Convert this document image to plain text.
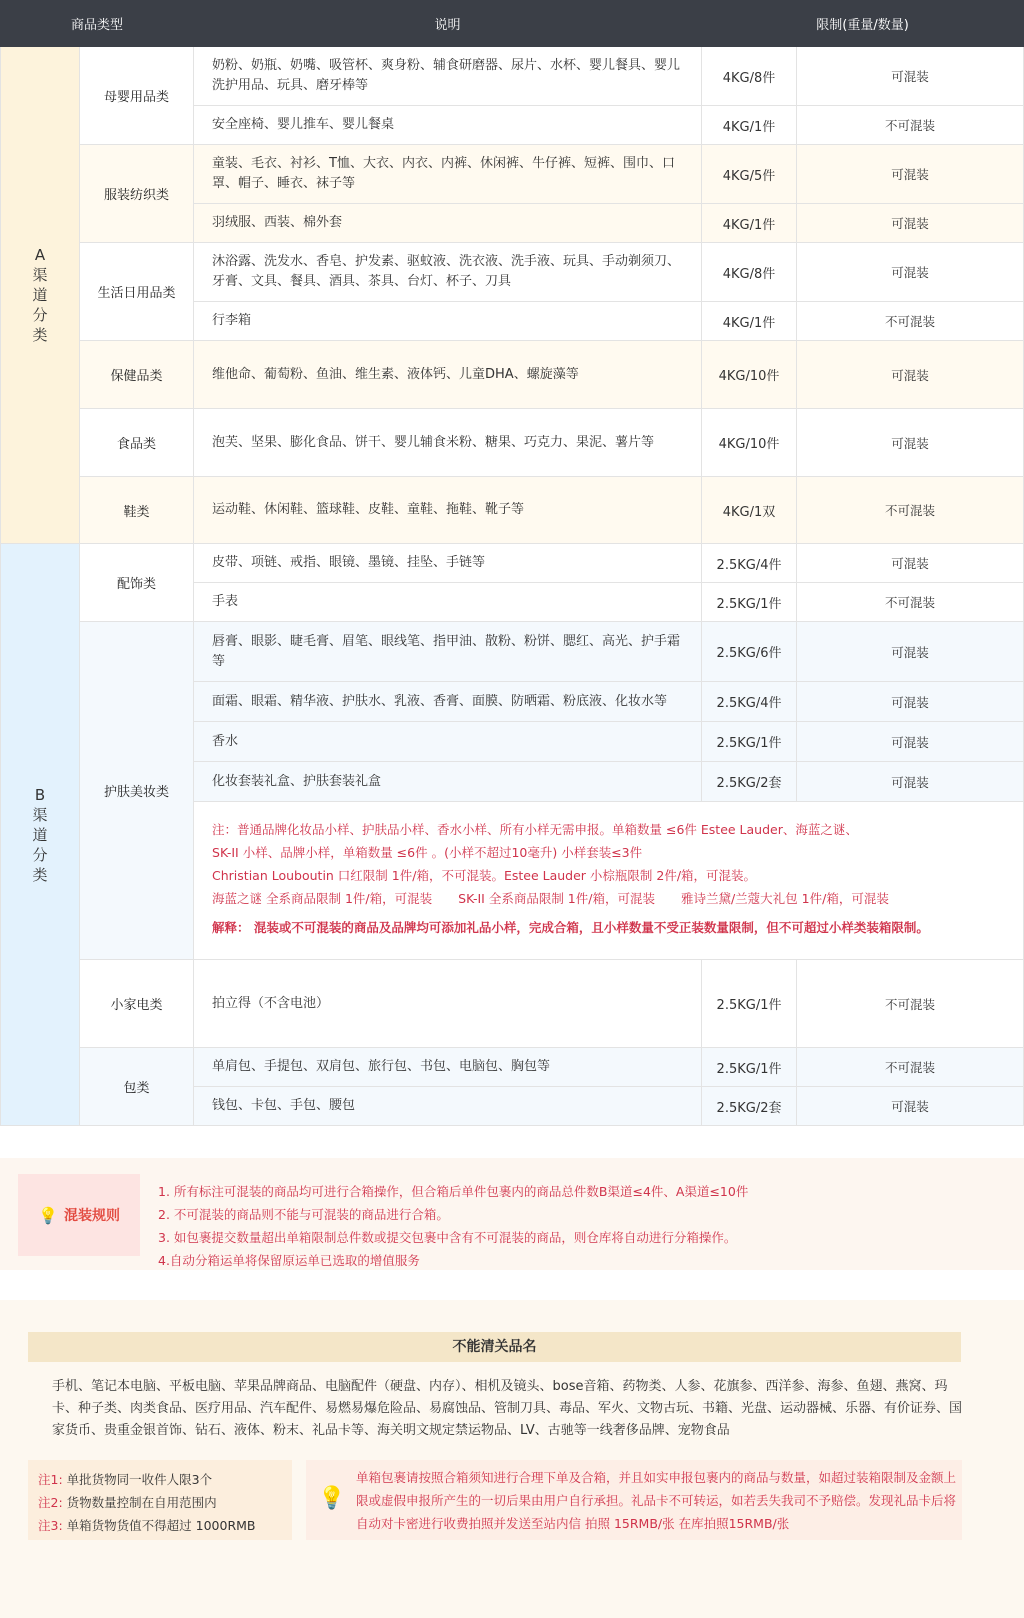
商品类型		说明	限制(重量/数量)	
A渠道分类	母婴用品类	奶粉、奶瓶、奶嘴、吸管杯、爽身粉、辅食研磨器、尿片、水杯、婴儿餐具、婴儿洗护用品、玩具、磨牙棒等	4KG/8件	可混装
		安全座椅、婴儿推车、婴儿餐桌	4KG/1件	不可混装
	服装纺织类	童装、毛衣、衬衫、T恤、大衣、内衣、内裤、休闲裤、牛仔裤、短裤、围巾、口罩、帽子、睡衣、袜子等	4KG/5件	可混装
		羽绒服、西装、棉外套	4KG/1件	可混装
	生活日用品类	沐浴露、洗发水、香皂、护发素、驱蚊液、洗衣液、洗手液、玩具、手动剃须刀、牙膏、文具、餐具、酒具、茶具、台灯、杯子、刀具	4KG/8件	可混装
		行李箱	4KG/1件	不可混装
	保健品类	维他命、葡萄粉、鱼油、维生素、液体钙、儿童DHA、螺旋藻等	4KG/10件	可混装
	食品类	泡芙、坚果、膨化食品、饼干、婴儿辅食米粉、糖果、巧克力、果泥、薯片等	4KG/10件	可混装
	鞋类	运动鞋、休闲鞋、篮球鞋、皮鞋、童鞋、拖鞋、靴子等	4KG/1双	不可混装
B渠道分类	配饰类	皮带、项链、戒指、眼镜、墨镜、挂坠、手链等	2.5KG/4件	可混装
		手表	2.5KG/1件	不可混装
	护肤美妆类	唇膏、眼影、睫毛膏、眉笔、眼线笔、指甲油、散粉、粉饼、腮红、高光、护手霜等	2.5KG/6件	可混装
		面霜、眼霜、精华液、护肤水、乳液、香膏、面膜、防晒霜、粉底液、化妆水等	2.5KG/4件	可混装
		香水	2.5KG/1件	可混装
		化妆套装礼盒、护肤套装礼盒	2.5KG/2套	可混装

		注：普通品牌化妆品小样、护肤品小样、香水小样、所有小样无需申报。单箱数量 ≤6件 Estee Lauder、海蓝之谜、
SK-II 小样、品牌小样，单箱数量 ≤6件 。(小样不超过10毫升) 小样套装≤3件
Christian Louboutin 口红限制 1件/箱，不可混装。Estee Lauder 小棕瓶限制 2件/箱，可混装。
海蓝之谜 全系商品限制 1件/箱，可混装 SK-II 全系商品限制 1件/箱，可混装 雅诗兰黛/兰蔻大礼包 1件/箱，可混装
解释： 混装或不可混装的商品及品牌均可添加礼品小样，完成合箱，且小样数量不受正装数量限制，但不可超过小样类装箱限制。		

	小家电类	拍立得（不含电池）	2.5KG/1件	不可混装
	包类	单肩包、手提包、双肩包、旅行包、书包、电脑包、胸包等	2.5KG/1件	不可混装
		钱包、卡包、手包、腰包	2.5KG/2套	可混装
💡 混装规则
1. 所有标注可混装的商品均可进行合箱操作，但合箱后单件包裹内的商品总件数B渠道≤4件、A渠道≤10件
2. 不可混装的商品则不能与可混装的商品进行合箱。
3. 如包裹提交数量超出单箱限制总件数或提交包裹中含有不可混装的商品，则仓库将自动进行分箱操作。
4.自动分箱运单将保留原运单已选取的增值服务
不能清关品名
手机、笔记本电脑、平板电脑、苹果品牌商品、电脑配件（硬盘、内存）、相机及镜头、bose音箱、药物类、人参、花旗参、西洋参、海参、鱼翅、燕窝、玛卡、种子类、肉类食品、医疗用品、汽车配件、易燃易爆危险品、易腐蚀品、管制刀具、毒品、军火、文物古玩、书籍、光盘、运动器械、乐器、有价证券、国家货币、贵重金银首饰、钻石、液体、粉末、礼品卡等、海关明文规定禁运物品、LV、古驰等一线奢侈品牌、宠物食品
注1: 单批货物同一收件人限3个
注2: 货物数量控制在自用范围内
注3: 单箱货物货值不得超过 1000RMB
💡
单箱包裹请按照合箱须知进行合理下单及合箱，并且如实申报包裹内的商品与数量，如超过装箱限制及金额上限或虚假申报所产生的一切后果由用户自行承担。礼品卡不可转运，如若丢失我司不予赔偿。发现礼品卡后将自动对卡密进行收费拍照并发送至站内信 拍照 15RMB/张 在库拍照15RMB/张
